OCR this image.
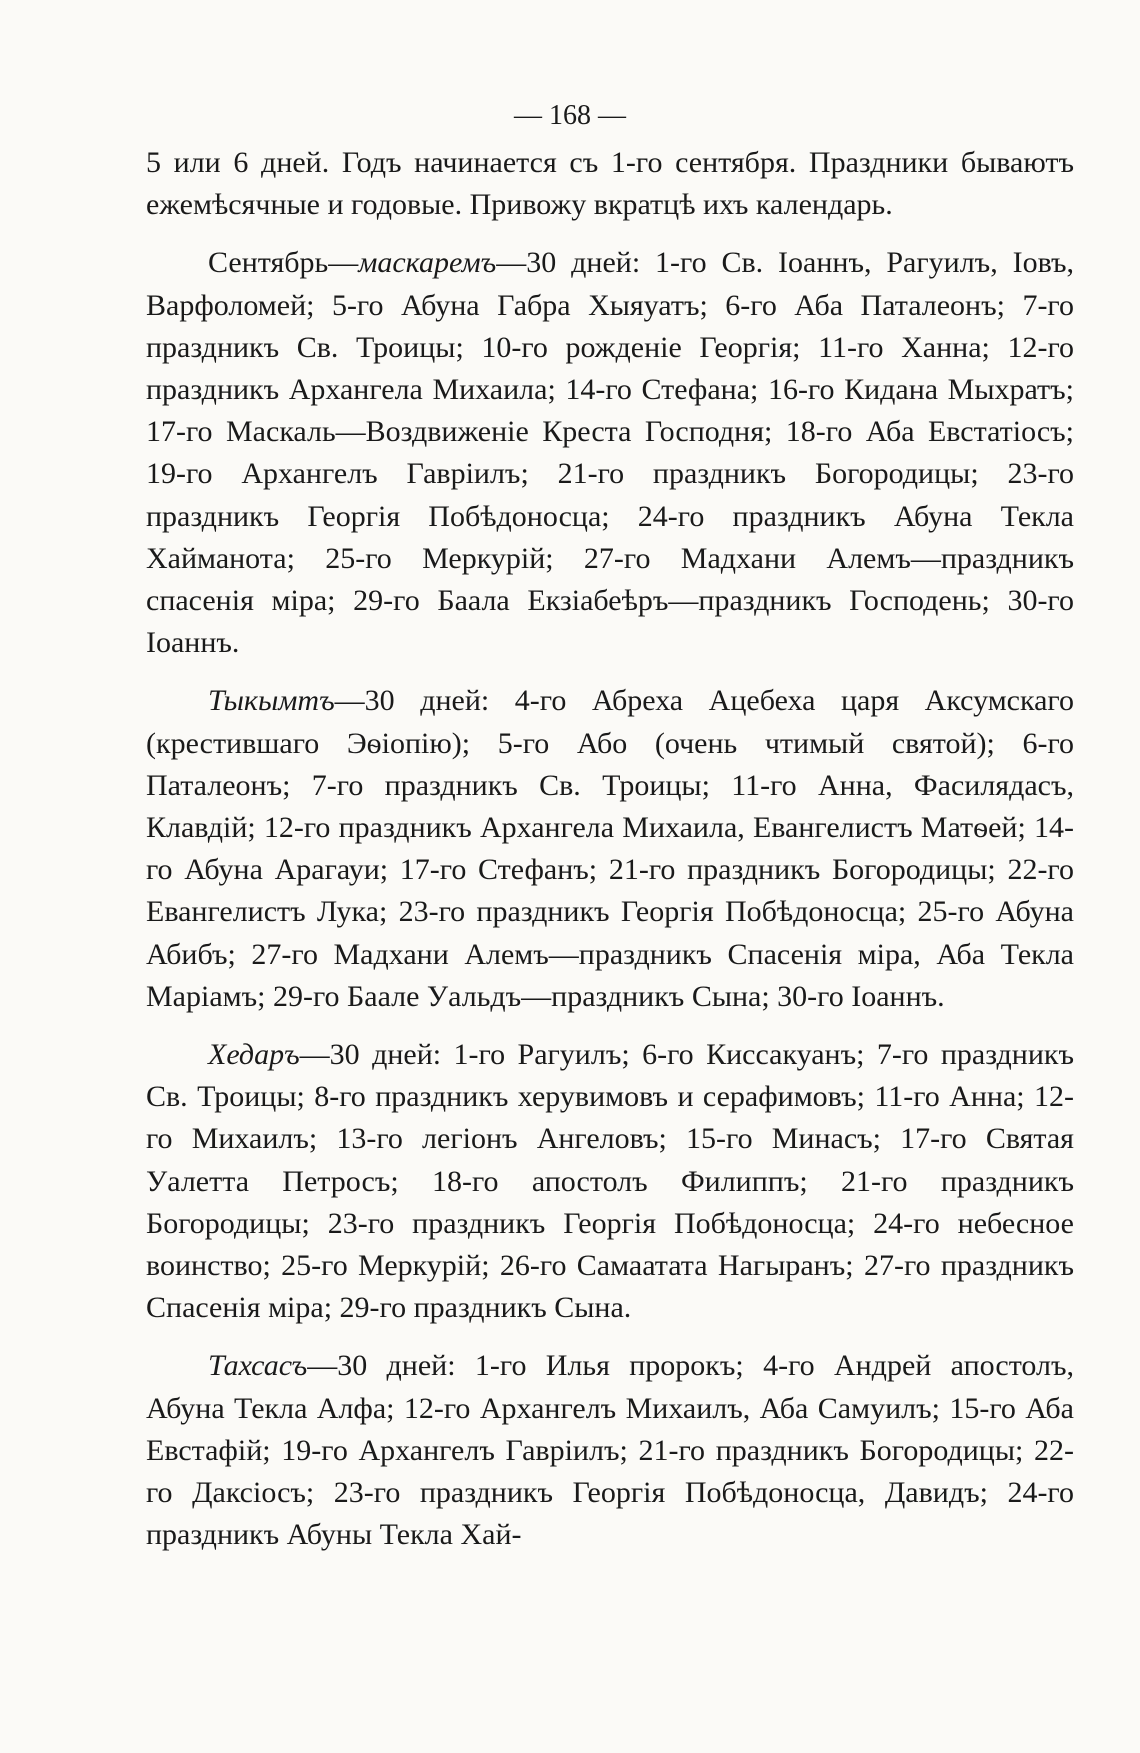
— 168 —

5 или 6 дней. Годъ начинается съ 1-го сентября. Праздники бываютъ ежемѣсячные и годовые. Привожу вкратцѣ ихъ календарь.

Сентябрь—маскаремъ—30 дней: 1-го Св. Іоаннъ, Рагуилъ, Іовъ, Варфоломей; 5-го Абуна Габра Хыяуатъ; 6-го Аба Паталеонъ; 7-го праздникъ Св. Троицы; 10-го рожденіе Георгія; 11-го Ханна; 12-го праздникъ Архангела Михаила; 14-го Стефана; 16-го Кидана Мыхратъ; 17-го Маскаль—Воздвиженіе Креста Господня; 18-го Аба Евстатіосъ; 19-го Архангелъ Гавріилъ; 21-го праздникъ Богородицы; 23-го праздникъ Георгія Побѣдоносца; 24-го праздникъ Абуна Текла Хайманота; 25-го Меркурій; 27-го Мадхани Алемъ—праздникъ спасенія міра; 29-го Баала Екзіабеѣръ—праздникъ Господень; 30-го Іоаннъ.

Тыкымтъ—30 дней: 4-го Абреха Ацебеха царя Аксумскаго (крестившаго Эѳіопію); 5-го Або (очень чтимый святой); 6-го Паталеонъ; 7-го праздникъ Св. Троицы; 11-го Анна, Фасилядасъ, Клавдій; 12-го праздникъ Архангела Михаила, Евангелистъ Матѳей; 14-го Абуна Арагауи; 17-го Стефанъ; 21-го праздникъ Богородицы; 22-го Евангелистъ Лука; 23-го праздникъ Георгія Побѣдоносца; 25-го Абуна Абибъ; 27-го Мадхани Алемъ—праздникъ Спасенія міра, Аба Текла Маріамъ; 29-го Баале Уальдъ—праздникъ Сына; 30-го Іоаннъ.

Хедаръ—30 дней: 1-го Рагуилъ; 6-го Киссакуанъ; 7-го праздникъ Св. Троицы; 8-го праздникъ херувимовъ и серафимовъ; 11-го Анна; 12-го Михаилъ; 13-го легіонъ Ангеловъ; 15-го Минасъ; 17-го Святая Уалетта Петросъ; 18-го апостолъ Филиппъ; 21-го праздникъ Богородицы; 23-го праздникъ Георгія Побѣдоносца; 24-го небесное воинство; 25-го Меркурій; 26-го Самаатата Нагыранъ; 27-го праздникъ Спасенія міра; 29-го праздникъ Сына.

Тахсасъ—30 дней: 1-го Илья пророкъ; 4-го Андрей апостолъ, Абуна Текла Алфа; 12-го Архангелъ Михаилъ, Аба Самуилъ; 15-го Аба Евстафій; 19-го Архангелъ Гавріилъ; 21-го праздникъ Богородицы; 22-го Даксіосъ; 23-го праздникъ Георгія Побѣдоносца, Давидъ; 24-го праздникъ Абуны Текла Хай-
